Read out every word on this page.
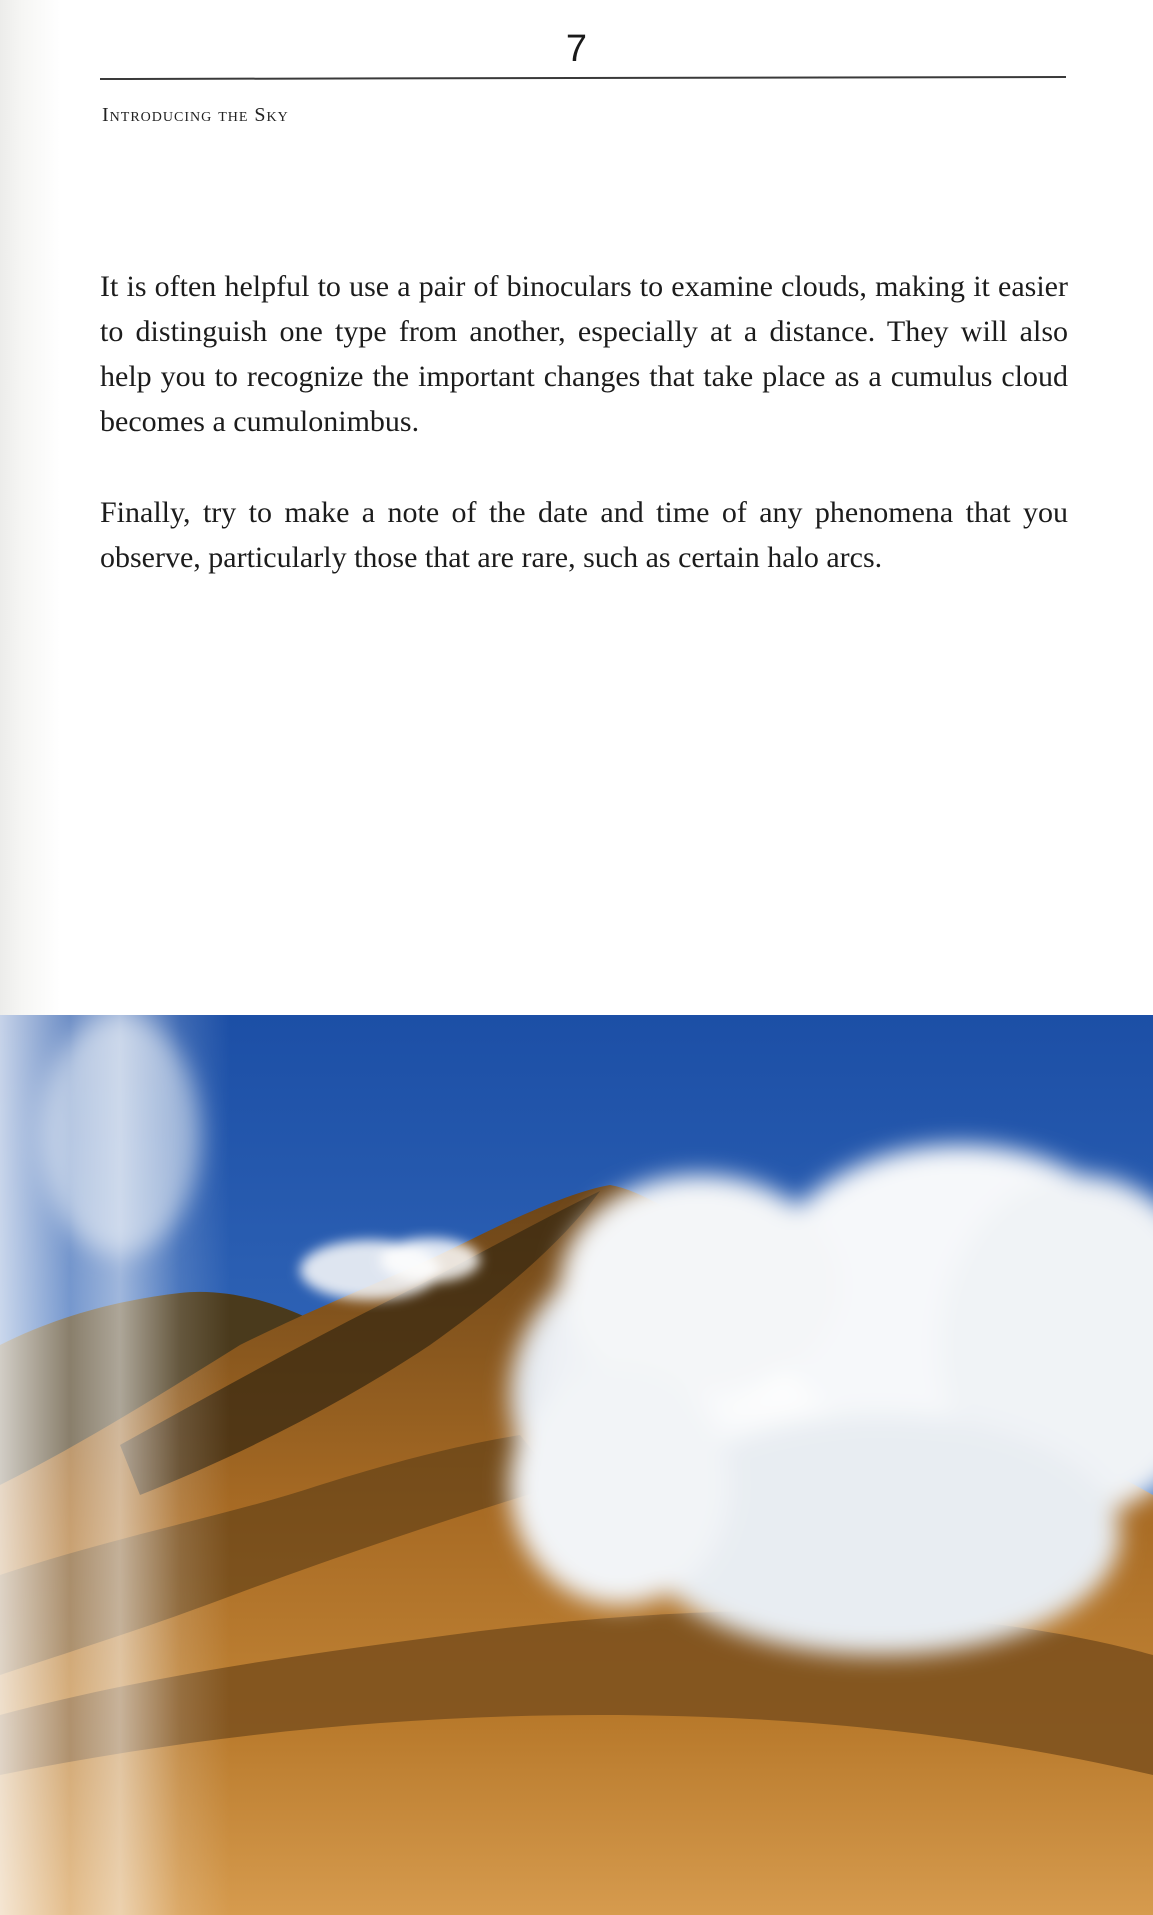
7
Introducing the Sky

It is often helpful to use a pair of binoculars to examine clouds, making it easier to distinguish one type from another, especially at a distance. They will also help you to recognize the important changes that take place as a cumulus cloud becomes a cumulonimbus.

Finally, try to make a note of the date and time of any phenomena that you observe, particularly those that are rare, such as certain halo arcs.
